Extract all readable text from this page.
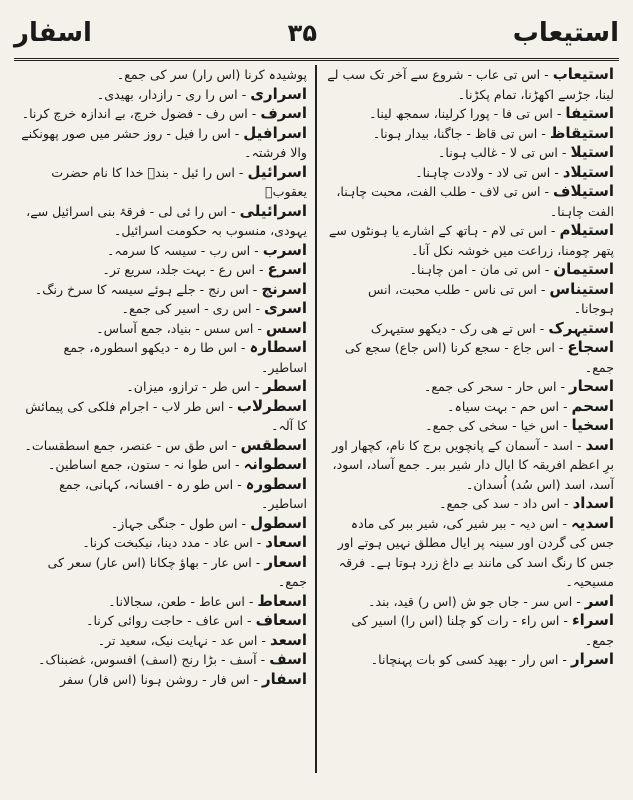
اسفار	۳۵	استیعاب

پوشیدہ کرنا (اس رار) سر کی جمع۔

اسراری - اس را ری - رازدار، بھیدی۔

اسرف - اس رف - فضول خرچ، بے اندازہ خرچ کرنا۔

اسرافیل - اس را فیل - روز حشر میں صور پھونکنے والا فرشتہ۔

اسرائیل - اس را ئیل - بندۂ خدا کا نام حضرت یعقوبؑ

اسرائیلی - اس را ئی لی - فرقۂ بنی اسرائیل سے، یہودی، منسوب بہ حکومت اسرائیل۔

اسرب - اس رب - سیسہ کا سرمہ۔

اسرع - اس رع - بہت جلد، سریع تر۔

اسرنج - اس رنج - جلے ہوئے سیسہ کا سرخ رنگ۔

اسری - اس ری - اسیر کی جمع۔

اسس - اس سس - بنیاد، جمع آساس۔

اسطارہ - اس طا رہ - دیکھو اسطورہ، جمع اساطیر۔

اسطر - اس طر - ترازو، میزان۔

اسطرلاب - اس طر لاب - اجرام فلکی کی پیمائش کا آلہ۔

اسطقس - اس طق س - عنصر، جمع اسطقسات۔

اسطوانہ - اس طوا نہ - ستون، جمع اساطین۔

اسطورہ - اس طو رہ - افسانہ، کہانی، جمع اساطیر۔

اسطول - اس طول - جنگی جہاز۔

اسعاد - اس عاد - مدد دینا، نیکبخت کرنا۔

اسعار - اس عار - بھاؤ چکانا (اس عار) سعر کی جمع۔

اسعاط - اس عاط - طعن، سجالانا۔

اسعاف - اس عاف - حاجت روائی کرنا۔

اسعد - اس عد - نہایت نیک، سعید تر۔

اسف - آسف - بڑا رنج (اسف) افسوس، غضبناک۔

اسفار - اس فار - روشن ہونا (اس فار) سفر

استیعاب - اس تی عاب - شروع سے آخر تک سب لے لینا، جڑسے اکھڑنا، تمام پکڑنا۔

استیفا - اس تی فا - پورا کرلینا، سمجھ لینا۔

استیقاظ - اس تی قاظ - جاگنا، بیدار ہونا۔

استیلا - اس تی لا - غالب ہونا۔

استیلاد - اس تی لاد - ولادت چاہنا۔

استیلاف - اس تی لاف - طلب الفت، محبت چاہنا، الفت چاہنا۔

استیلام - اس تی لام - ہاتھ کے اشارے یا ہونٹوں سے پتھر چومنا، زراعت میں خوشہ نکل آنا۔

استیمان - اس تی مان - امن چاہنا۔

استیناس - اس تی ناس - طلب محبت، انس ہوجانا۔

استیہرک - اس تے ھی رک - دیکھو ستیہرک

اسجاع - اس جاع - سجع کرنا (اس جاع) سجع کی جمع۔

اسحار - اس حار - سحر کی جمع۔

اسحم - اس حم - بہت سیاہ۔

اسخیا - اس خیا - سخی کی جمع۔

اسد - اسد - آسمان کے پانچویں برج کا نام، کچھار اور برِ اعظم افریقہ کا ایال دار شیر ببر۔ جمع آساد، اسود، آسد، اسد (اس سُد) اُسدان۔

اسداد - اس داد - سد کی جمع۔

اسدیہ - اس دیہ - ببر شیر کی، شیر ببر کی مادہ جس کی گردن اور سینہ پر ایال مطلق نہیں ہوتے اور جس کا رنگ اسد کی مانند بے داغ زرد ہوتا ہے۔ فرقہ مسیحیہ۔

اسر - اس سر - جاں جو ش (اس ر) قید، بند۔

اسراء - اس راء - رات کو چلنا (اس را) اسیر کی جمع۔

اسرار - اس رار - بھید کسی کو بات پہنچانا۔
